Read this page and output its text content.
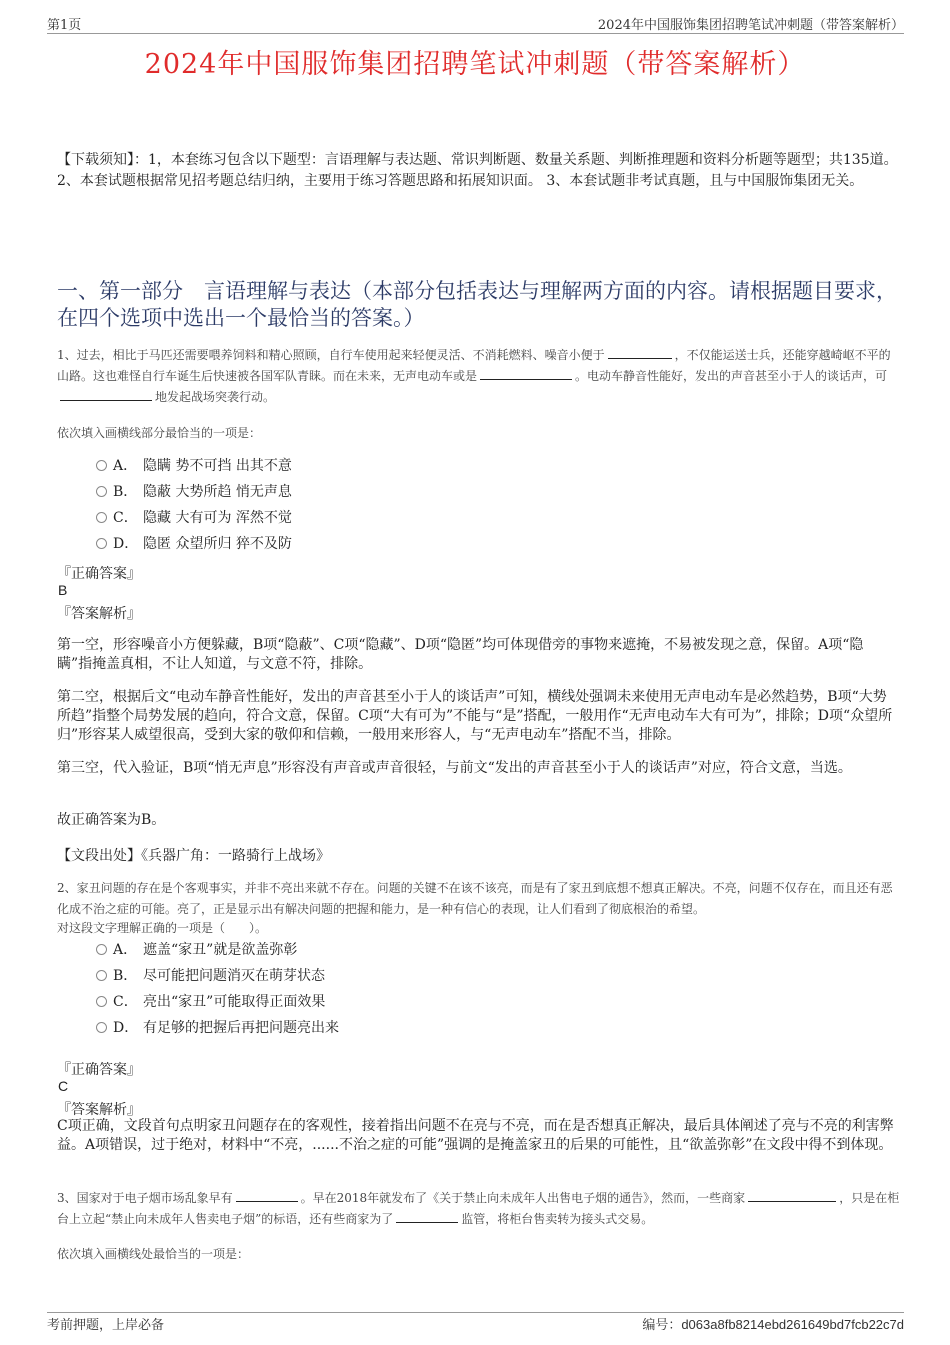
第1页	2024年中国服饰集团招聘笔试冲刺题（带答案解析）
2024年中国服饰集团招聘笔试冲刺题（带答案解析）
【下载须知】：1，本套练习包含以下题型：言语理解与表达题、常识判断题、数量关系题、判断推理题和资料分析题等题型；共135道。 2、本套试题根据常见招考题总结归纳，主要用于练习答题思路和拓展知识面。 3、本套试题非考试真题，且与中国服饰集团无关。
一、第一部分　言语理解与表达（本部分包括表达与理解两方面的内容。请根据题目要求，在四个选项中选出一个最恰当的答案。）
1、过去，相比于马匹还需要喂养饲料和精心照顾，自行车使用起来轻便灵活、不消耗燃料、噪音小便于	，不仅能运送士兵，还能穿越崎岖不平的山路。这也难怪自行车诞生后快速被各国军队青睐。而在未来，无声电动车或是	。电动车静音性能好，发出的声音甚至小于人的谈话声，可地发起战场突袭行动。
依次填入画横线部分最恰当的一项是：
A． 隐瞒 势不可挡 出其不意
B． 隐蔽 大势所趋 悄无声息
C． 隐藏 大有可为 浑然不觉
D． 隐匿 众望所归 猝不及防
『正确答案』
B
『答案解析』
第一空，形容噪音小方便躲藏，B项“隐蔽”、C项“隐藏”、D项“隐匿”均可体现借旁的事物来遮掩，不易被发现之意，保留。A项“隐瞒”指掩盖真相，不让人知道，与文意不符，排除。
第二空，根据后文“电动车静音性能好，发出的声音甚至小于人的谈话声”可知，横线处强调未来使用无声电动车是必然趋势，B项“大势所趋”指整个局势发展的趋向，符合文意，保留。C项“大有可为”不能与“是”搭配，一般用作“无声电动车大有可为”，排除；D项“众望所归”形容某人威望很高，受到大家的敬仰和信赖，一般用来形容人，与“无声电动车”搭配不当，排除。
第三空，代入验证，B项“悄无声息”形容没有声音或声音很轻，与前文“发出的声音甚至小于人的谈话声”对应，符合文意，当选。
故正确答案为B。
【文段出处】《兵器广角：一路骑行上战场》
2、家丑问题的存在是个客观事实，并非不亮出来就不存在。问题的关键不在该不该亮，而是有了家丑到底想不想真正解决。不亮，问题不仅存在，而且还有恶化成不治之症的可能。亮了，正是显示出有解决问题的把握和能力，是一种有信心的表现，让人们看到了彻底根治的希望。
对这段文字理解正确的一项是（　　）。
A． 遮盖“家丑”就是欲盖弥彰
B． 尽可能把问题消灭在萌芽状态
C． 亮出“家丑”可能取得正面效果
D． 有足够的把握后再把问题亮出来
『正确答案』
C
『答案解析』
C项正确，文段首句点明家丑问题存在的客观性，接着指出问题不在亮与不亮，而在是否想真正解决，最后具体阐述了亮与不亮的利害弊益。A项错误，过于绝对，材料中“不亮，......不治之症的可能”强调的是掩盖家丑的后果的可能性，且“欲盖弥彰”在文段中得不到体现。
3、国家对于电子烟市场乱象早有	。早在2018年就发布了《关于禁止向未成年人出售电子烟的通告》，然而，一些商家	，只是在柜台上立起“禁止向未成年人售卖电子烟”的标语，还有些商家为了	监管，将柜台售卖转为接头式交易。
依次填入画横线处最恰当的一项是：
考前押题，上岸必备	编号：d063a8fb8214ebd261649bd7fcb22c7d
